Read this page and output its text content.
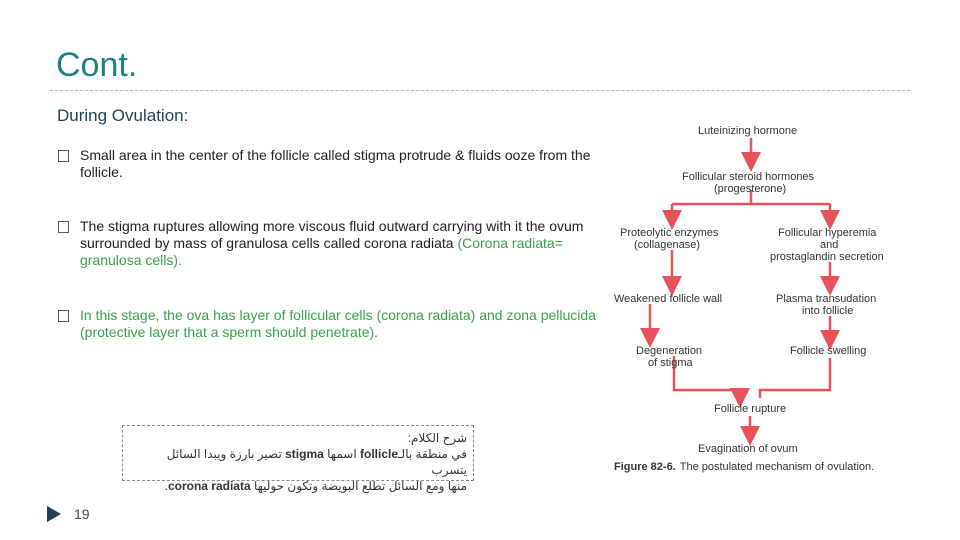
Cont.
During Ovulation:
Small area in the center of the follicle called stigma protrude & fluids ooze from the follicle.
The stigma ruptures allowing more viscous fluid outward carrying with it the ovum surrounded by mass of granulosa cells called corona radiata (Corona radiata= granulosa cells).
In this stage, the ova has layer of follicular cells (corona radiata) and zona pellucida (protective layer that a sperm should penetrate).
شرح الكلام:
في منطقة بالـfollicle اسمها stigma تصير بارزة ويبدا السائل يتسرب
منها ومع السائل تطلع البويضة وتكون حوليها corona radiata.
19
Luteinizing hormone
Follicular steroid hormones
(progesterone)
Proteolytic enzymes
(collagenase)
Follicular hyperemia
and
prostaglandin secretion
Weakened follicle wall	Plasma transudation
into follicle
Degeneration
of stigma
Follicle swelling
Follicle rupture
Evagination of ovum
Figure 82-6. The postulated mechanism of ovulation.
